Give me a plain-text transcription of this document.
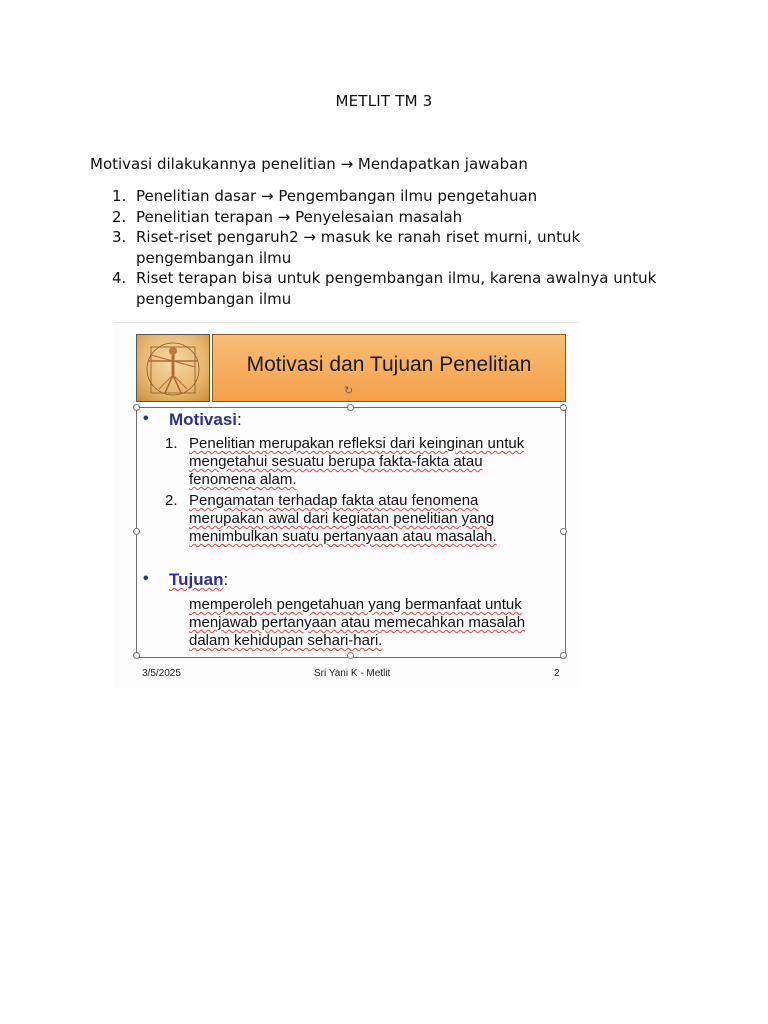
METLIT TM 3
Motivasi dilakukannya penelitian → Mendapatkan jawaban
1. Penelitian dasar → Pengembangan ilmu pengetahuan
2. Penelitian terapan → Penyelesaian masalah
3. Riset-riset pengaruh2 → masuk ke ranah riset murni, untuk
pengembangan ilmu
4. Riset terapan bisa untuk pengembangan ilmu, karena awalnya untuk
pengembangan ilmu
Motivasi dan Tujuan Penelitian
↻
• Motivasi:
1. Penelitian merupakan refleksi dari keinginan untuk
mengetahui sesuatu berupa fakta-fakta atau
fenomena alam.
2. Pengamatan terhadap fakta atau fenomena
merupakan awal dari kegiatan penelitian yang
menimbulkan suatu pertanyaan atau masalah.
• Tujuan:
memperoleh pengetahuan yang bermanfaat untuk
menjawab pertanyaan atau memecahkan masalah
dalam kehidupan sehari-hari.
3/5/2025	Sri Yani K - Metlit	2
